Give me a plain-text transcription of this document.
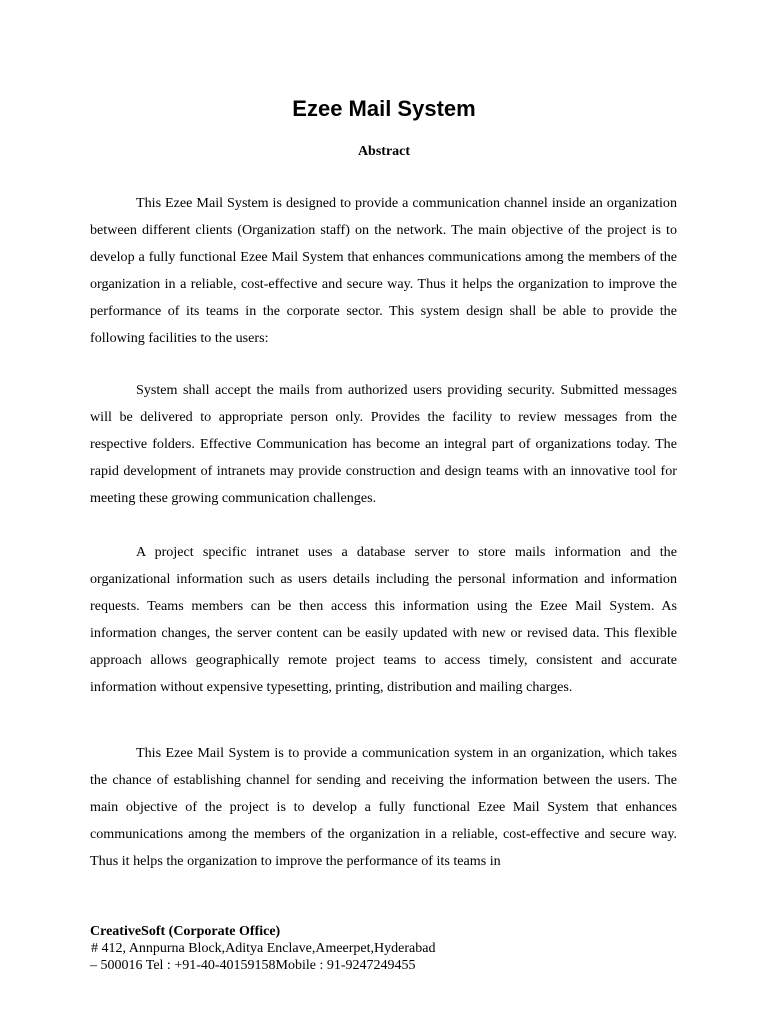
Ezee Mail System
Abstract

This Ezee Mail System is designed to provide a communication channel inside an organization between different clients (Organization staff) on the network. The main objective of the project is to develop a fully functional Ezee Mail System that enhances communications among the members of the organization in a reliable, cost-effective and secure way. Thus it helps the organization to improve the performance of its teams in the corporate sector. This system design shall be able to provide the following facilities to the users:

System shall accept the mails from authorized users providing security. Submitted messages will be delivered to appropriate person only. Provides the facility to review messages from the respective folders. Effective Communication has become an integral part of organizations today. The rapid development of intranets may provide construction and design teams with an innovative tool for meeting these growing communication challenges.

A project specific intranet uses a database server to store mails information and the organizational information such as users details including the personal information and information requests. Teams members can be then access this information using the Ezee Mail System. As information changes, the server content can be easily updated with new or revised data. This flexible approach allows geographically remote project teams to access timely, consistent and accurate information without expensive typesetting, printing, distribution and mailing charges.

This Ezee Mail System is to provide a communication system in an organization, which takes the chance of establishing channel for sending and receiving the information between the users. The main objective of the project is to develop a fully functional Ezee Mail System that enhances communications among the members of the organization in a reliable, cost-effective and secure way. Thus it helps the organization to improve the performance of its teams in

CreativeSoft (Corporate Office)
# 412, Annpurna Block,Aditya Enclave,Ameerpet,Hyderabad
– 500016 Tel : +91-40-40159158Mobile : 91-9247249455
